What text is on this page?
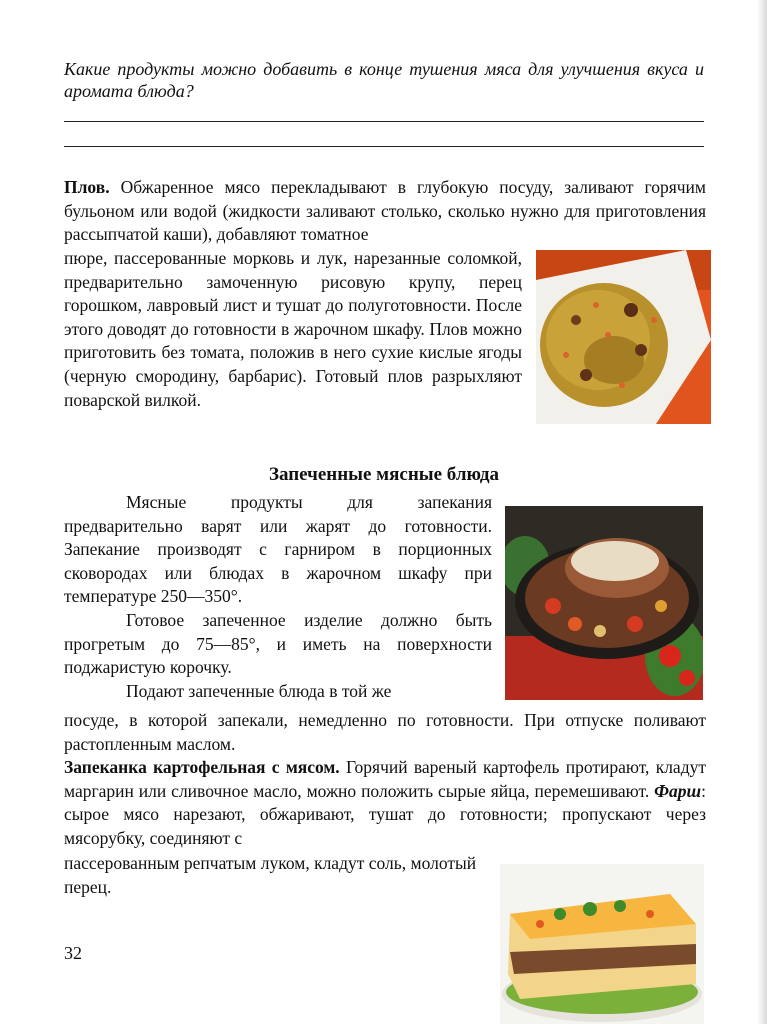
Какие продукты можно добавить в конце тушения мяса для улучшения вкуса и аромата блюда?

Плов. Обжаренное мясо перекладывают в глубокую посуду, заливают горячим бульоном или водой (жидкости заливают столько, сколько нужно для приготовления рассыпчатой каши), добавляют томатное

пюре, пассерованные морковь и лук, нарезанные соломкой, предварительно замоченную рисовую крупу, перец горошком, лавровый лист и тушат до полуготовности. После этого доводят до готовности в жарочном шкафу. Плов можно приготовить без томата, положив в него сухие кислые ягоды (черную смородину, барбарис). Готовый плов разрыхляют поварской вилкой.

Запеченные мясные блюда

Мясные продукты для запекания предварительно варят или жарят до готовности. Запекание производят с гарниром в порционных сковородах или блюдах в жарочном шкафу при температуре 250—350°.

Готовое запеченное изделие должно быть прогретым до 75—85°, и иметь на поверхности поджаристую корочку.

Подают запеченные блюда в той же

посуде, в которой запекали, немедленно по готовности. При отпуске поливают растопленным маслом.

Запеканка картофельная с мясом. Горячий вареный картофель протирают, кладут маргарин или сливочное масло, можно положить сырые яйца, перемешивают. Фарш: сырое мясо нарезают, обжаривают, тушат до готовности; пропускают через мясорубку, соединяют с

пассерованным репчатым луком, кладут соль, молотый перец.

32
